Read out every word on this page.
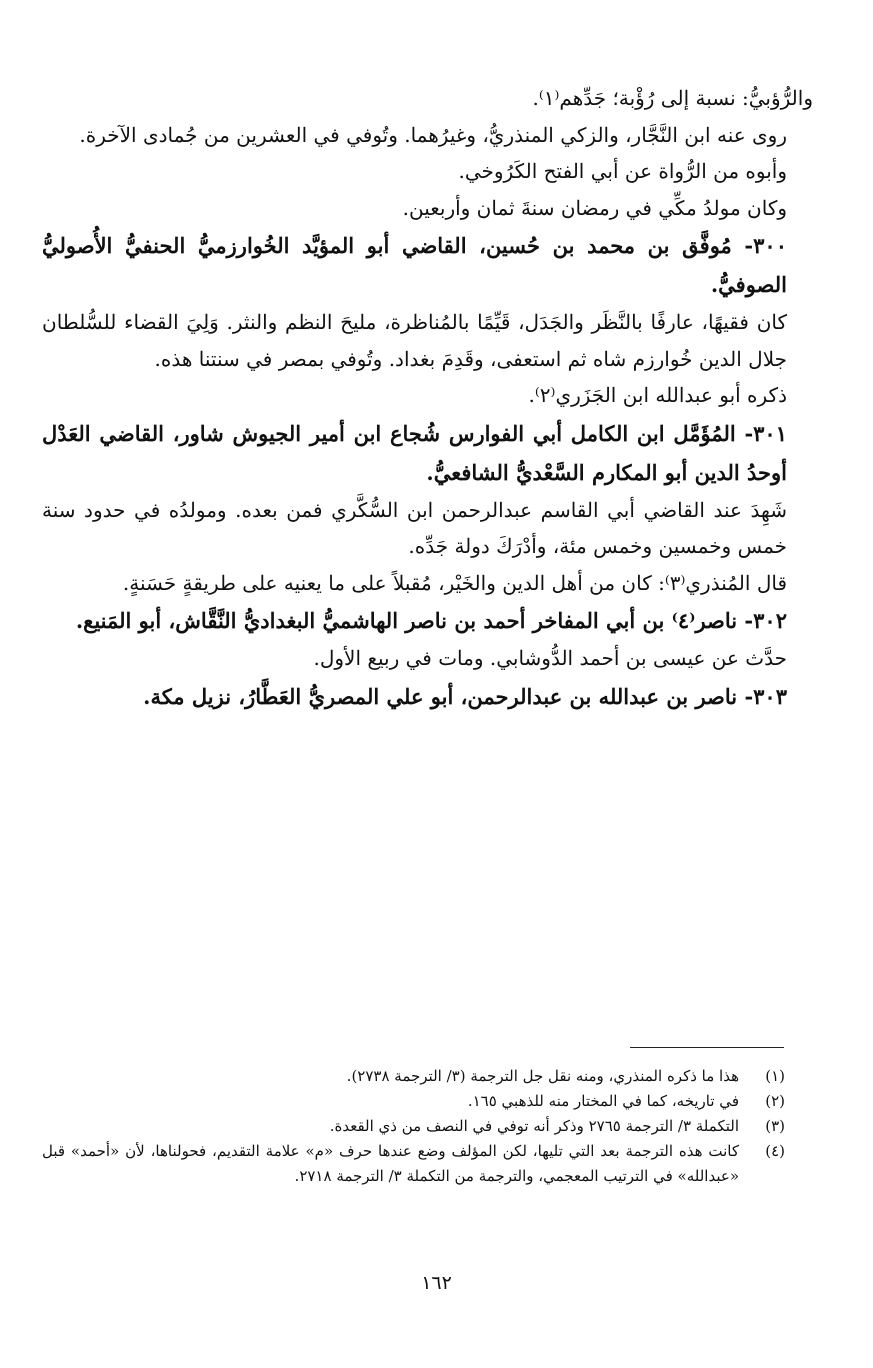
والرُّؤبيُّ: نسبة إلى رُؤْبة؛ جَدِّهم⁽١⁾.

روى عنه ابن النَّجَّار، والزكي المنذريُّ، وغيرُهما. وتُوفي في العشرين من جُمادى الآخرة.

وأبوه من الرُّواة عن أبي الفتح الكَرُوخي.

وكان مولدُ مكِّي في رمضان سنةَ ثمان وأربعين.

٣٠٠- مُوفَّق بن محمد بن حُسين، القاضي أبو المؤيَّد الخُوارزميُّ الحنفيُّ الأُصوليُّ الصوفيُّ.

كان فقيهًا، عارفًا بالنَّظَر والجَدَل، قَيِّمًا بالمُناظرة، مليحَ النظم والنثر. وَلِيَ القضاء للسُّلطان جلال الدين خُوارزم شاه ثم استعفى، وقَدِمَ بغداد. وتُوفي بمصر في سنتنا هذه.

ذكره أبو عبدالله ابن الجَزَري⁽٢⁾.

٣٠١- المُؤَمَّل ابن الكامل أبي الفوارس شُجاع ابن أمير الجيوش شاور، القاضي العَدْل أوحدُ الدين أبو المكارم السَّعْديُّ الشافعيُّ.

شَهِدَ عند القاضي أبي القاسم عبدالرحمن ابن السُّكَّري فمن بعده. ومولدُه في حدود سنة خمس وخمسين وخمس مئة، وأدْرَكَ دولة جَدِّه.

قال المُنذري⁽٣⁾: كان من أهل الدين والخَيْر، مُقبلاً على ما يعنيه على طريقةٍ حَسَنةٍ.

٣٠٢- ناصر⁽٤⁾ بن أبي المفاخر أحمد بن ناصر الهاشميُّ البغداديُّ النَّقَّاش، أبو المَنيع.

حدَّث عن عيسى بن أحمد الدُّوشابي. ومات في ربيع الأول.

٣٠٣- ناصر بن عبدالله بن عبدالرحمن، أبو علي المصريُّ العَطَّارُ، نزيل مكة.

(١)
هذا ما ذكره المنذري، ومنه نقل جل الترجمة (٣/ الترجمة ٢٧٣٨).
(٢)
في تاريخه، كما في المختار منه للذهبي ١٦٥.
(٣)
التكملة ٣/ الترجمة ٢٧٦٥ وذكر أنه توفي في النصف من ذي القعدة.
(٤)
كانت هذه الترجمة بعد التي تليها، لكن المؤلف وضع عندها حرف «م» علامة التقديم، فحولناها، لأن «أحمد» قبل «عبدالله» في الترتيب المعجمي، والترجمة من التكملة ٣/ الترجمة ٢٧١٨.
١٦٢
